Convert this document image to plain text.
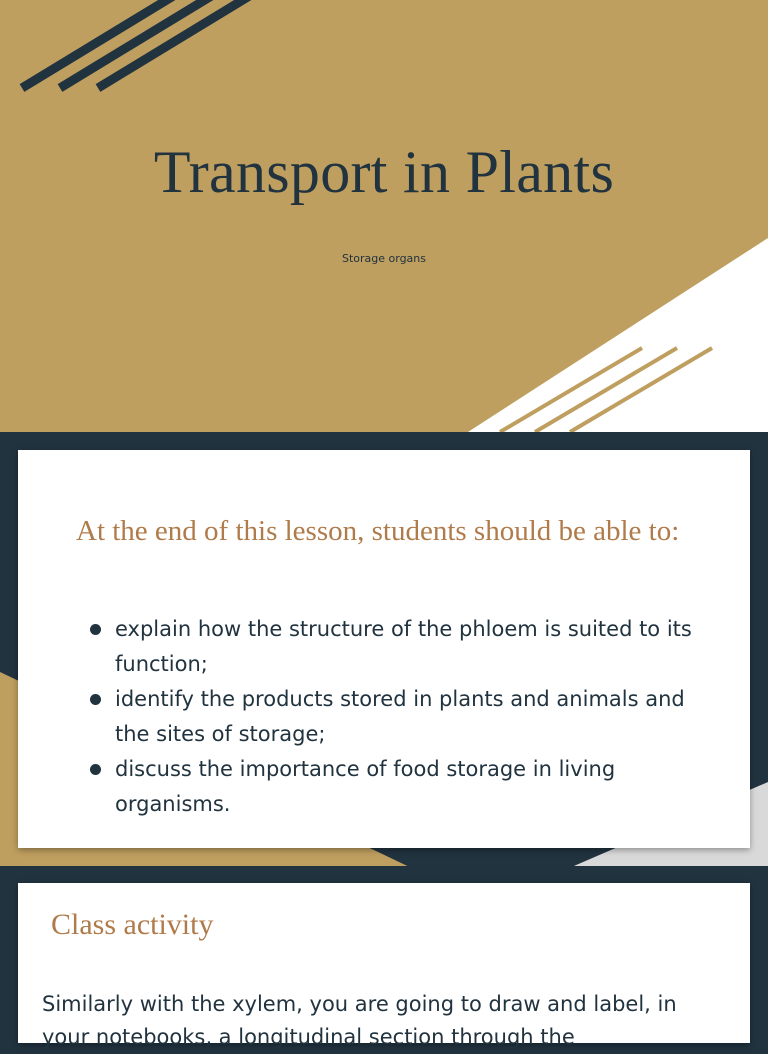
Transport in Plants
Storage organs
At the end of this lesson, students should be able to:
explain how the structure of the phloem is suited to its function;
identify the products stored in plants and animals and the sites of storage;
discuss the importance of food storage in living organisms.
Class activity
Similarly with the xylem, you are going to draw and label, in your notebooks, a longitudinal section through the
